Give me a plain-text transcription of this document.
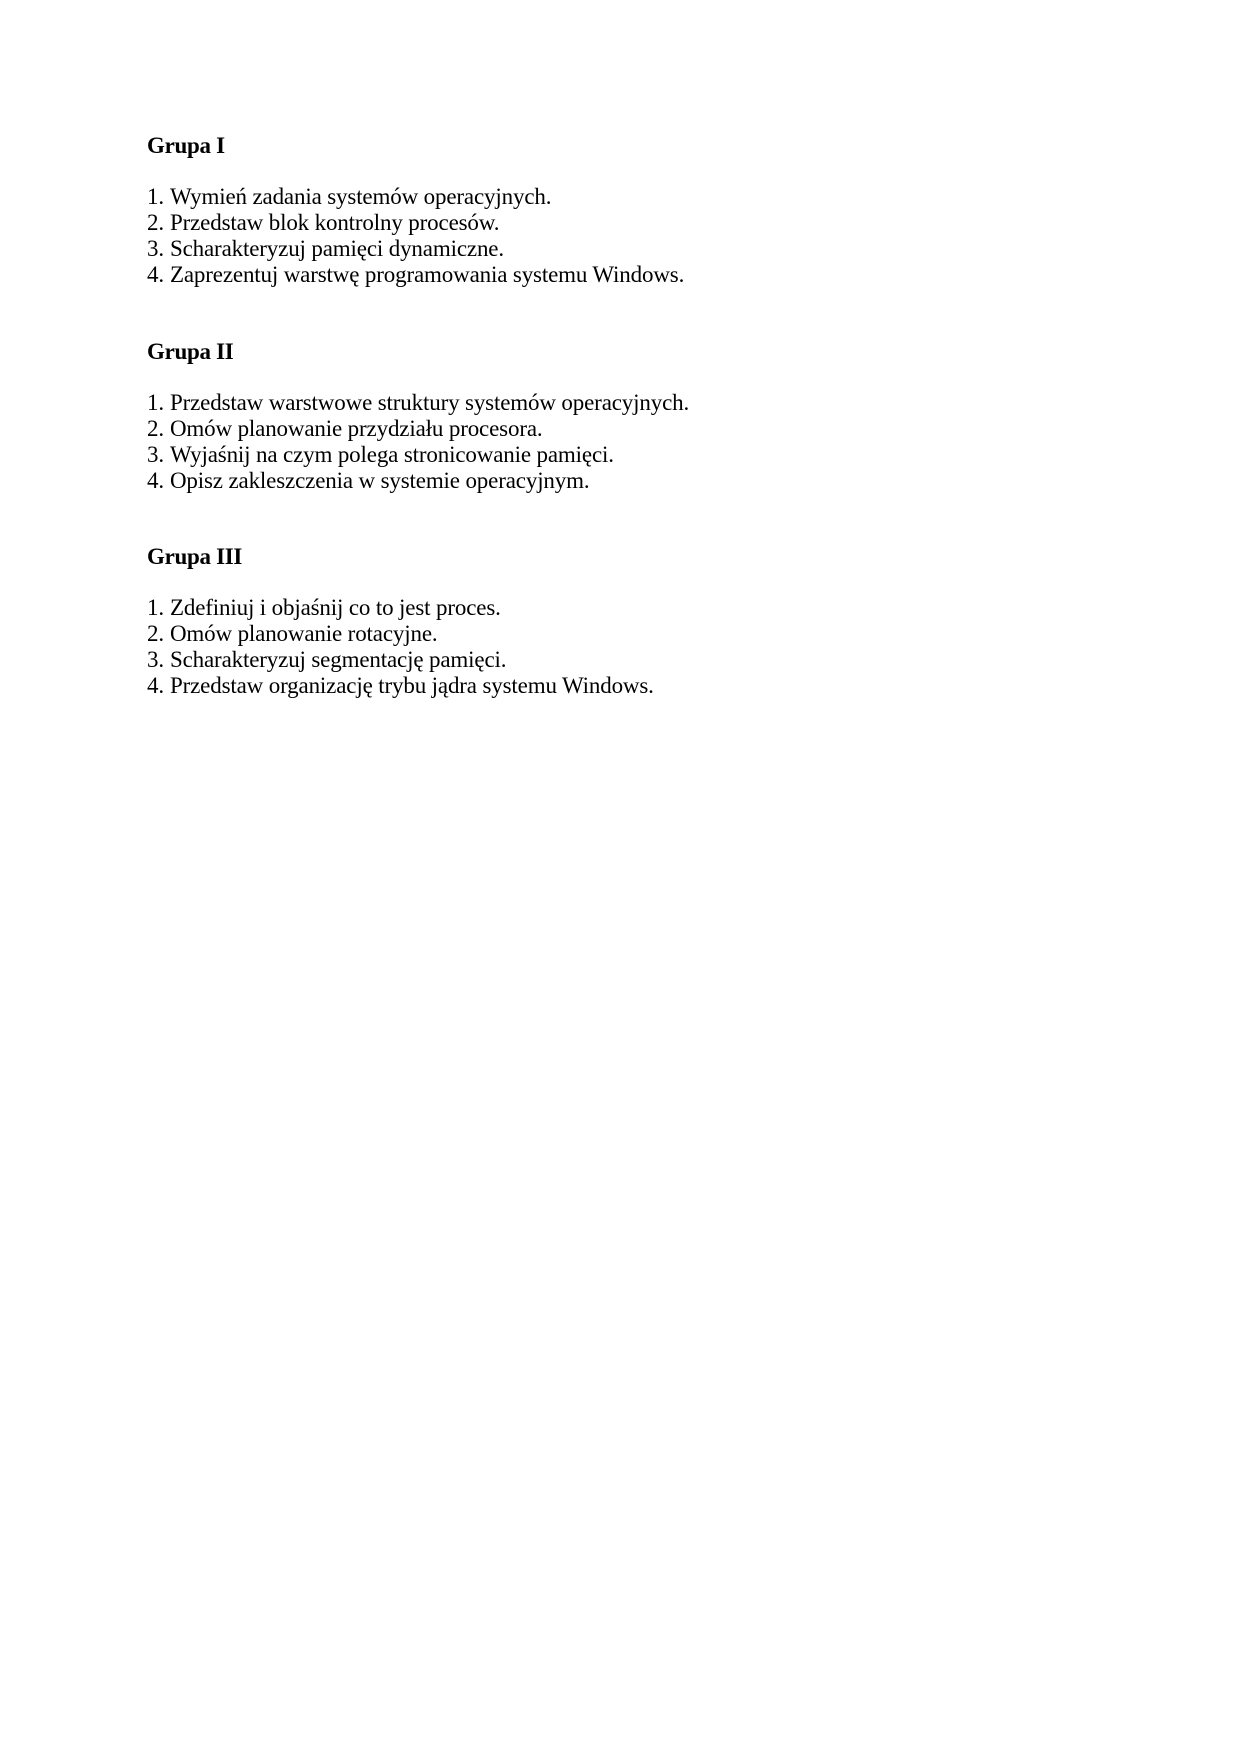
Grupa I
1. Wymień zadania systemów operacyjnych.
2. Przedstaw blok kontrolny procesów.
3. Scharakteryzuj pamięci dynamiczne.
4. Zaprezentuj warstwę programowania systemu Windows.
Grupa II
1. Przedstaw warstwowe struktury systemów operacyjnych.
2. Omów planowanie przydziału procesora.
3. Wyjaśnij na czym polega stronicowanie pamięci.
4. Opisz zakleszczenia w systemie operacyjnym.
Grupa III
1. Zdefiniuj i objaśnij co to jest proces.
2. Omów planowanie rotacyjne.
3. Scharakteryzuj segmentację pamięci.
4. Przedstaw organizację trybu jądra systemu Windows.
